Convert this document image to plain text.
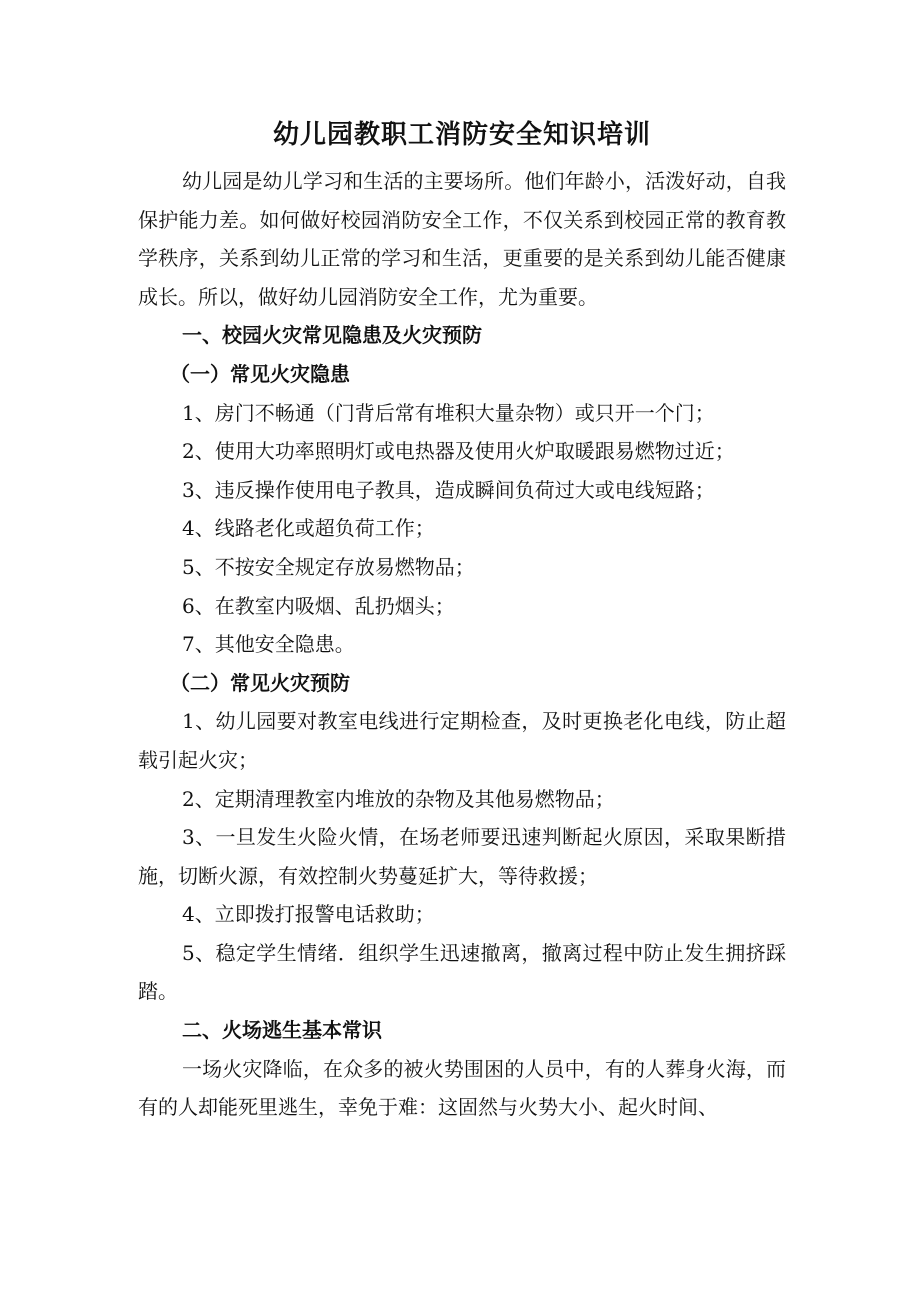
幼儿园教职工消防安全知识培训

幼儿园是幼儿学习和生活的主要场所。他们年龄小，活泼好动，自我保护能力差。如何做好校园消防安全工作，不仅关系到校园正常的教育教学秩序，关系到幼儿正常的学习和生活，更重要的是关系到幼儿能否健康成长。所以，做好幼儿园消防安全工作，尤为重要。

一、校园火灾常见隐患及火灾预防

（一）常见火灾隐患

1、房门不畅通（门背后常有堆积大量杂物）或只开一个门；

2、使用大功率照明灯或电热器及使用火炉取暖跟易燃物过近；

3、违反操作使用电子教具，造成瞬间负荷过大或电线短路；

4、线路老化或超负荷工作；

5、不按安全规定存放易燃物品；

6、在教室内吸烟、乱扔烟头；

7、其他安全隐患。

（二）常见火灾预防

1、幼儿园要对教室电线进行定期检查，及时更换老化电线，防止超载引起火灾；

2、定期清理教室内堆放的杂物及其他易燃物品；

3、一旦发生火险火情，在场老师要迅速判断起火原因，采取果断措施，切断火源，有效控制火势蔓延扩大，等待救援；

4、立即拨打报警电话救助；

5、稳定学生情绪．组织学生迅速撤离，撤离过程中防止发生拥挤踩踏。

二、火场逃生基本常识

一场火灾降临，在众多的被火势围困的人员中，有的人葬身火海，而有的人却能死里逃生，幸免于难：这固然与火势大小、起火时间、
